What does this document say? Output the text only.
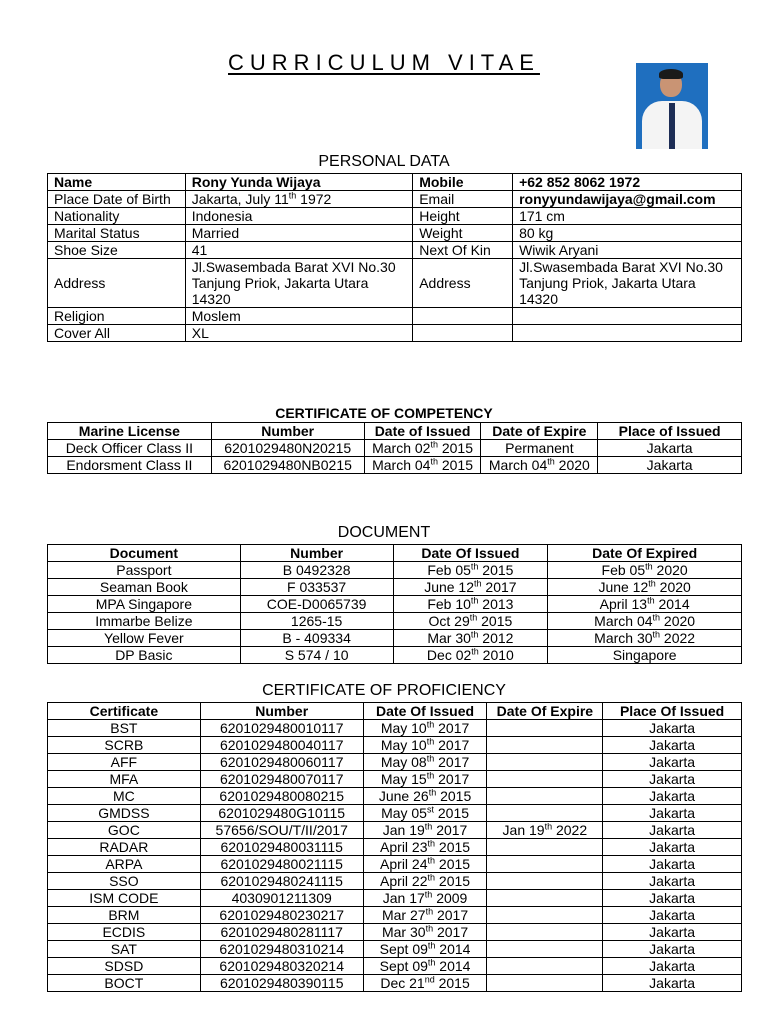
CURRICULUM VITAE
PERSONAL DATA
Name	Rony Yunda Wijaya	Mobile	+62 852 8062 1972
Place Date of Birth	Jakarta, July 11th 1972	Email	ronyyundawijaya@gmail.com
Nationality	Indonesia	Height	171 cm
Marital Status	Married	Weight	80 kg
Shoe Size	41	Next Of Kin	Wiwik Aryani
Address	Jl.Swasembada Barat XVI No.30 Tanjung Priok, Jakarta Utara 14320	Address	Jl.Swasembada Barat XVI No.30 Tanjung Priok, Jakarta Utara 14320
Religion	Moslem		
Cover All	XL		
CERTIFICATE OF COMPETENCY
Marine License	Number	Date of Issued	Date of Expire	Place of Issued
Deck Officer Class II	6201029480N20215	March 02th 2015	Permanent	Jakarta
Endorsment Class II	6201029480NB0215	March 04th 2015	March 04th 2020	Jakarta
DOCUMENT
Document	Number	Date Of Issued	Date Of Expired
Passport	B 0492328	Feb 05th 2015	Feb 05th 2020
Seaman Book	F 033537	June 12th 2017	June 12th 2020
MPA Singapore	COE-D0065739	Feb 10th 2013	April 13th 2014
Immarbe Belize	1265-15	Oct 29th 2015	March 04th 2020
Yellow Fever	B - 409334	Mar 30th 2012	March 30th 2022
DP Basic	S 574 / 10	Dec 02th 2010	Singapore
CERTIFICATE OF PROFICIENCY
Certificate	Number	Date Of Issued	Date Of Expire	Place Of Issued
BST	6201029480010117	May 10th 2017		Jakarta
SCRB	6201029480040117	May 10th 2017		Jakarta
AFF	6201029480060117	May 08th 2017		Jakarta
MFA	6201029480070117	May 15th 2017		Jakarta
MC	6201029480080215	June 26th 2015		Jakarta
GMDSS	6201029480G10115	May 05st 2015		Jakarta
GOC	57656/SOU/T/II/2017	Jan 19th 2017	Jan 19th 2022	Jakarta
RADAR	6201029480031115	April 23th 2015		Jakarta
ARPA	6201029480021115	April 24th 2015		Jakarta
SSO	6201029480241115	April 22th 2015		Jakarta
ISM CODE	4030901211309	Jan 17th 2009		Jakarta
BRM	6201029480230217	Mar 27th 2017		Jakarta
ECDIS	6201029480281117	Mar 30th 2017		Jakarta
SAT	6201029480310214	Sept 09th 2014		Jakarta
SDSD	6201029480320214	Sept 09th 2014		Jakarta
BOCT	6201029480390115	Dec 21nd 2015		Jakarta
